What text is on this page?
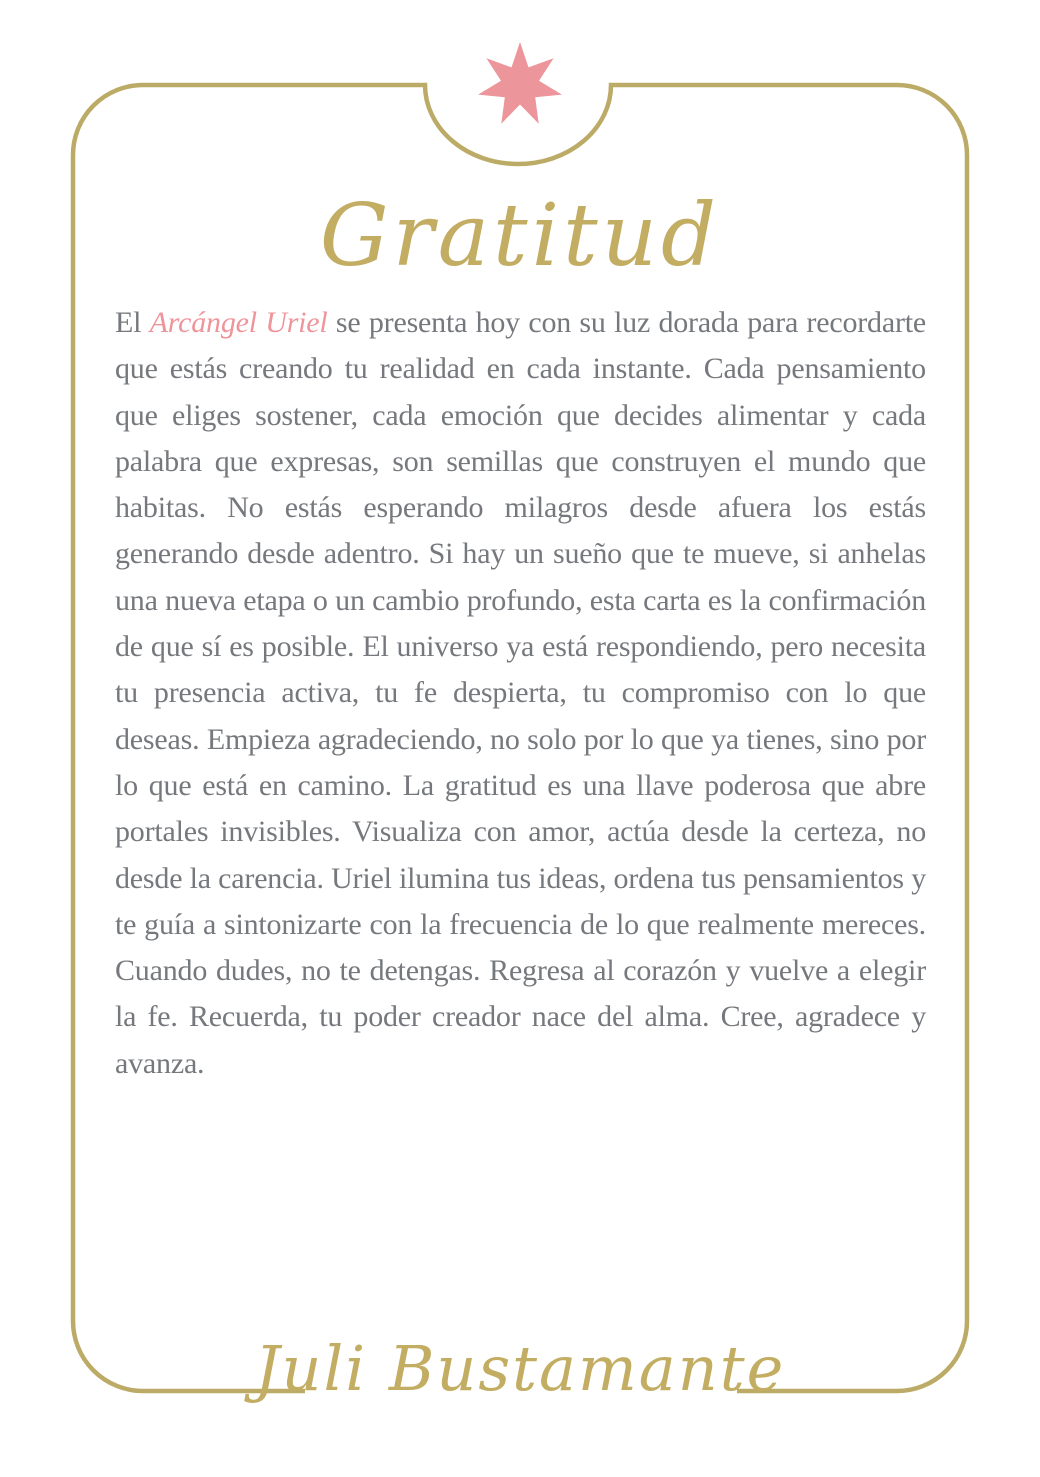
Gratitud

El Arcángel Uriel se presenta hoy con su luz dorada para recordarte que estás creando tu realidad en cada instante. Cada pensamiento que eliges sostener, cada emoción que decides alimentar y cada palabra que expresas, son semillas que construyen el mundo que habitas. No estás esperando milagros desde afuera los estás generando desde adentro. Si hay un sueño que te mueve, si anhelas una nueva etapa o un cambio profundo, esta carta es la confirmación de que sí es posible. El universo ya está respondiendo, pero necesita tu presencia activa, tu fe despierta, tu compromiso con lo que deseas. Empieza agradeciendo, no solo por lo que ya tienes, sino por lo que está en camino. La gratitud es una llave poderosa que abre portales invisibles. Visualiza con amor, actúa desde la certeza, no desde la carencia. Uriel ilumina tus ideas, ordena tus pensamientos y te guía a sintonizarte con la frecuencia de lo que realmente mereces. Cuando dudes, no te detengas. Regresa al corazón y vuelve a elegir la fe. Recuerda, tu poder creador nace del alma. Cree, agradece y avanza.

Juli Bustamante
